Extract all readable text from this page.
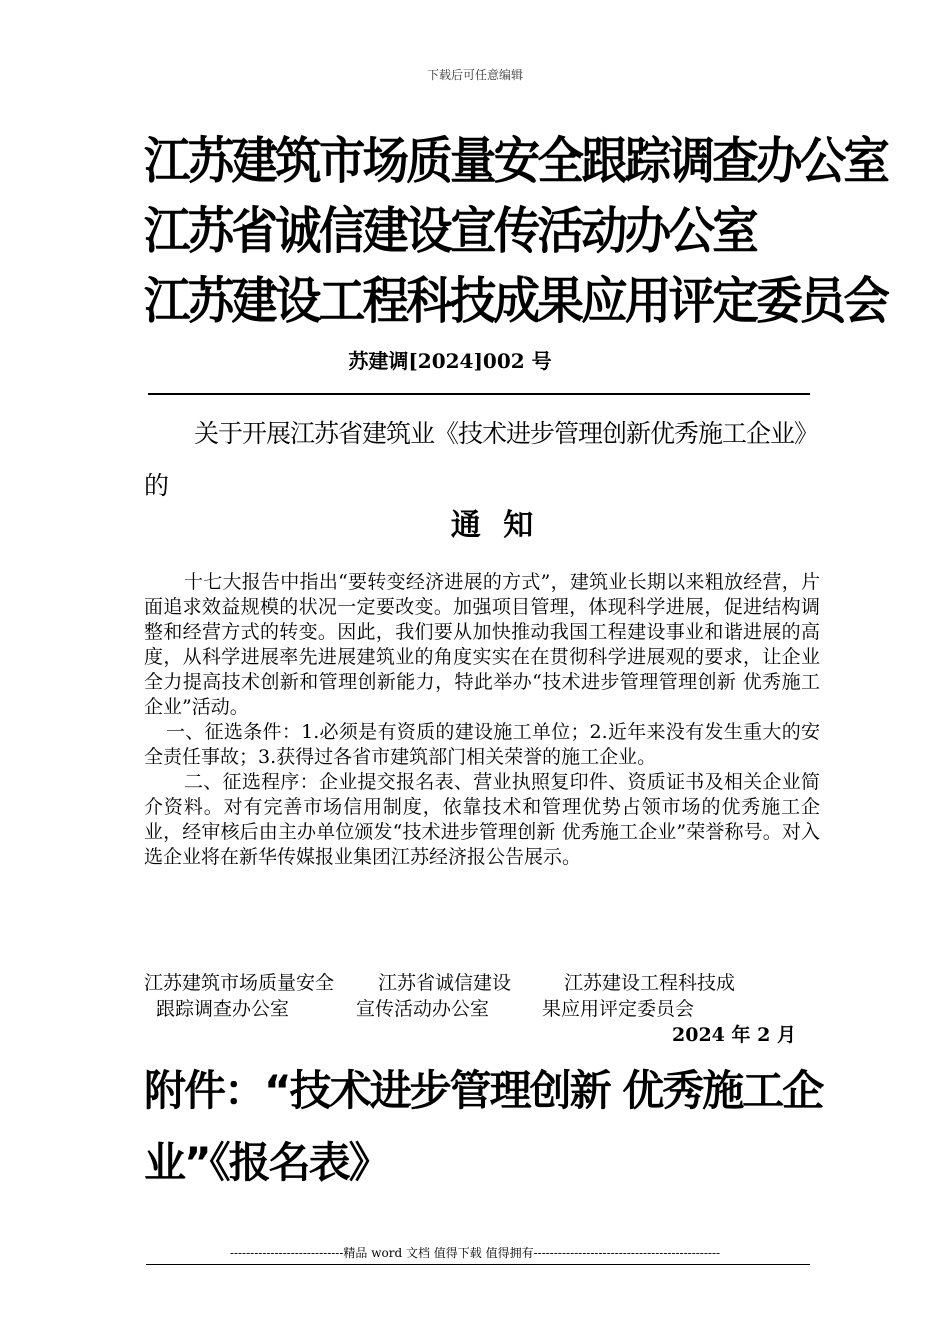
下载后可任意编辑
江苏建筑市场质量安全跟踪调查办公室
江苏省诚信建设宣传活动办公室
江苏建设工程科技成果应用评定委员会
苏建调[2024]002 号
关于开展江苏省建筑业《技术进步管理创新优秀施工企业》
的
通 知

十七大报告中指出“要转变经济进展的方式”，建筑业长期以来粗放经营，片面追求效益规模的状况一定要改变。加强项目管理，体现科学进展，促进结构调整和经营方式的转变。因此，我们要从加快推动我国工程建设事业和谐进展的高度，从科学进展率先进展建筑业的角度实实在在贯彻科学进展观的要求，让企业全力提高技术创新和管理创新能力，特此举办“技术进步管理管理创新 优秀施工企业”活动。

一、征选条件：1.必须是有资质的建设施工单位；2.近年来没有发生重大的安全责任事故；3.获得过各省市建筑部门相关荣誉的施工企业。

二、征选程序：企业提交报名表、营业执照复印件、资质证书及相关企业简介资料。对有完善市场信用制度，依靠技术和管理优势占领市场的优秀施工企业，经审核后由主办单位颁发“技术进步管理创新 优秀施工企业”荣誉称号。对入选企业将在新华传媒报业集团江苏经济报公告展示。

江苏建筑市场质量安全 江苏省诚信建设	江苏建设工程科技成
跟踪调查办公室	宣传活动办公室	果应用评定委员会
2024 年 2 月
附件：“技术进步管理创新 优秀施工企业”《报名表》
----------------------------精品 word 文档 值得下载 值得拥有----------------------------------------------
